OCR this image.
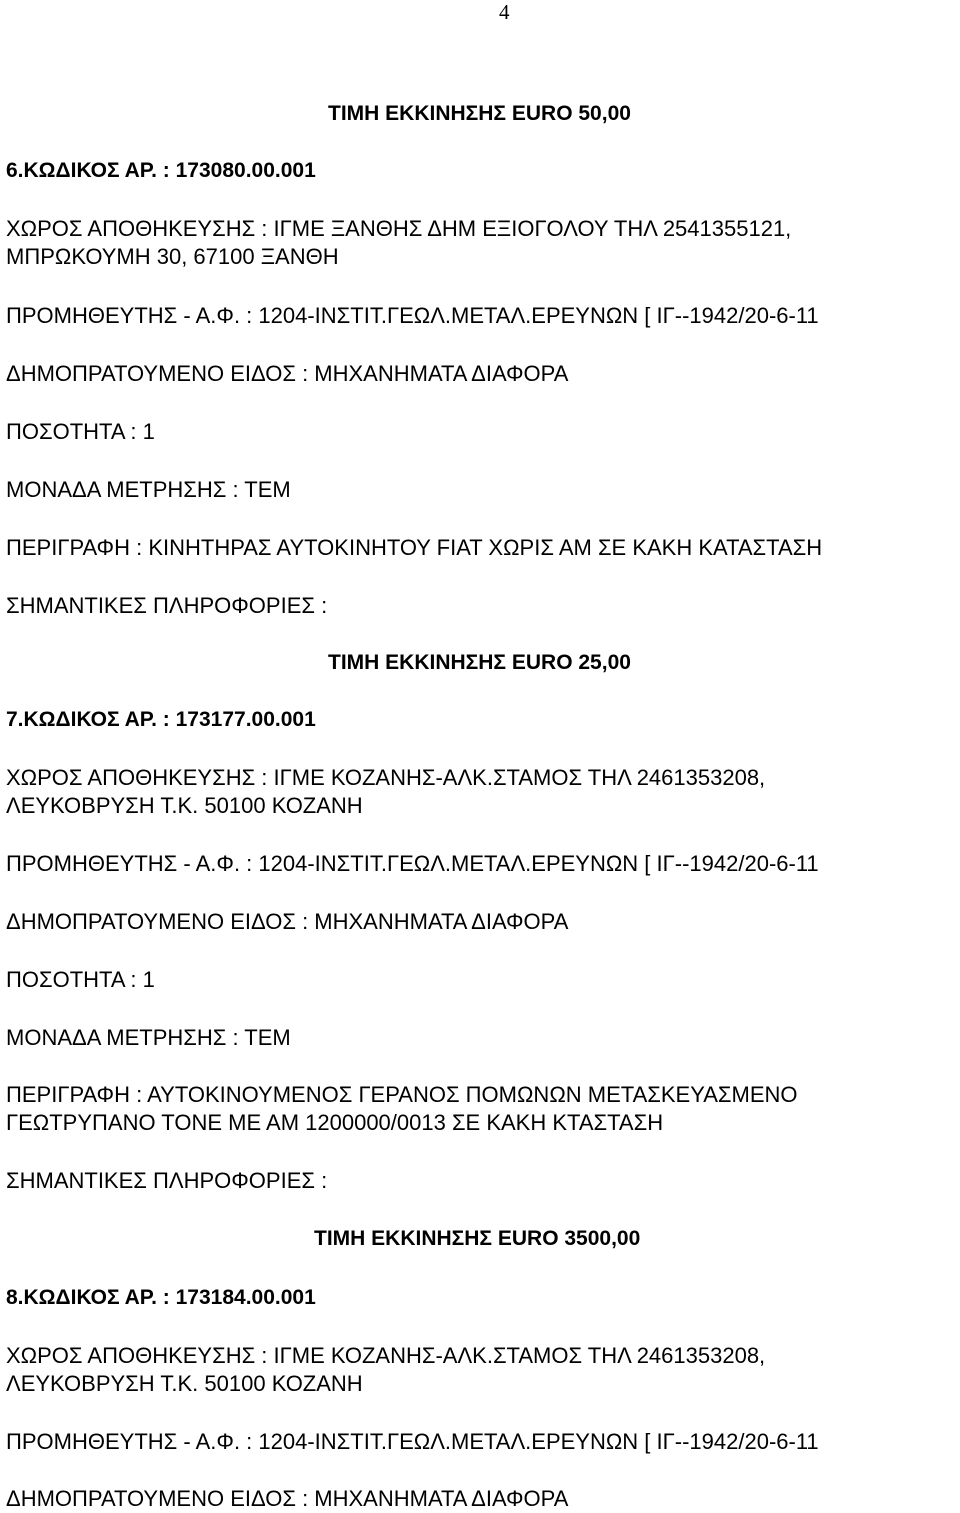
4
ΤΙΜΗ ΕΚΚΙΝΗΣΗΣ EURO 50,00
6.ΚΩΔΙΚΟΣ ΑΡ. : 173080.00.001
ΧΩΡΟΣ ΑΠΟΘΗΚΕΥΣΗΣ : ΙΓΜΕ ΞΑΝΘΗΣ ΔΗΜ ΕΞΙΟΓΟΛΟΥ ΤΗΛ 2541355121,
ΜΠΡΩΚΟΥΜΗ 30, 67100 ΞΑΝΘΗ
ΠΡΟΜΗΘΕΥΤΗΣ - Α.Φ. : 1204-ΙΝΣΤΙΤ.ΓΕΩΛ.ΜΕΤΑΛ.ΕΡΕΥΝΩΝ [ ΙΓ--1942/20-6-11
ΔΗΜΟΠΡΑΤΟΥΜΕΝΟ ΕΙΔΟΣ : ΜΗΧΑΝΗΜΑΤΑ ΔΙΑΦΟΡΑ
ΠΟΣΟΤΗΤΑ : 1
ΜΟΝΑΔΑ ΜΕΤΡΗΣΗΣ : ΤΕΜ
ΠΕΡΙΓΡΑΦΗ : ΚΙΝΗΤΗΡΑΣ ΑΥΤΟΚΙΝΗΤΟΥ FIAT ΧΩΡΙΣ ΑΜ ΣΕ ΚΑΚΗ ΚΑΤΑΣΤΑΣΗ
ΣΗΜΑΝΤΙΚΕΣ ΠΛΗΡΟΦΟΡΙΕΣ :
ΤΙΜΗ ΕΚΚΙΝΗΣΗΣ EURO 25,00
7.ΚΩΔΙΚΟΣ ΑΡ. : 173177.00.001
ΧΩΡΟΣ ΑΠΟΘΗΚΕΥΣΗΣ : ΙΓΜΕ ΚΟΖΑΝΗΣ-ΑΛΚ.ΣΤΑΜΟΣ ΤΗΛ 2461353208,
ΛΕΥΚΟΒΡΥΣΗ Τ.Κ. 50100 ΚΟΖΑΝΗ
ΠΡΟΜΗΘΕΥΤΗΣ - Α.Φ. : 1204-ΙΝΣΤΙΤ.ΓΕΩΛ.ΜΕΤΑΛ.ΕΡΕΥΝΩΝ [ ΙΓ--1942/20-6-11
ΔΗΜΟΠΡΑΤΟΥΜΕΝΟ ΕΙΔΟΣ : ΜΗΧΑΝΗΜΑΤΑ ΔΙΑΦΟΡΑ
ΠΟΣΟΤΗΤΑ : 1
ΜΟΝΑΔΑ ΜΕΤΡΗΣΗΣ : ΤΕΜ
ΠΕΡΙΓΡΑΦΗ : ΑΥΤΟΚΙΝΟΥΜΕΝΟΣ ΓΕΡΑΝΟΣ ΠΟΜΩΝΩΝ ΜΕΤΑΣΚΕΥΑΣΜΕΝΟ
ΓΕΩΤΡΥΠΑΝΟ ΤΟΝΕ ΜΕ ΑΜ 1200000/0013 ΣΕ ΚΑΚΗ ΚΤΑΣΤΑΣΗ
ΣΗΜΑΝΤΙΚΕΣ ΠΛΗΡΟΦΟΡΙΕΣ :
ΤΙΜΗ ΕΚΚΙΝΗΣΗΣ EURO 3500,00
8.ΚΩΔΙΚΟΣ ΑΡ. : 173184.00.001
ΧΩΡΟΣ ΑΠΟΘΗΚΕΥΣΗΣ : ΙΓΜΕ ΚΟΖΑΝΗΣ-ΑΛΚ.ΣΤΑΜΟΣ ΤΗΛ 2461353208,
ΛΕΥΚΟΒΡΥΣΗ Τ.Κ. 50100 ΚΟΖΑΝΗ
ΠΡΟΜΗΘΕΥΤΗΣ - Α.Φ. : 1204-ΙΝΣΤΙΤ.ΓΕΩΛ.ΜΕΤΑΛ.ΕΡΕΥΝΩΝ [ ΙΓ--1942/20-6-11
ΔΗΜΟΠΡΑΤΟΥΜΕΝΟ ΕΙΔΟΣ : ΜΗΧΑΝΗΜΑΤΑ ΔΙΑΦΟΡΑ
